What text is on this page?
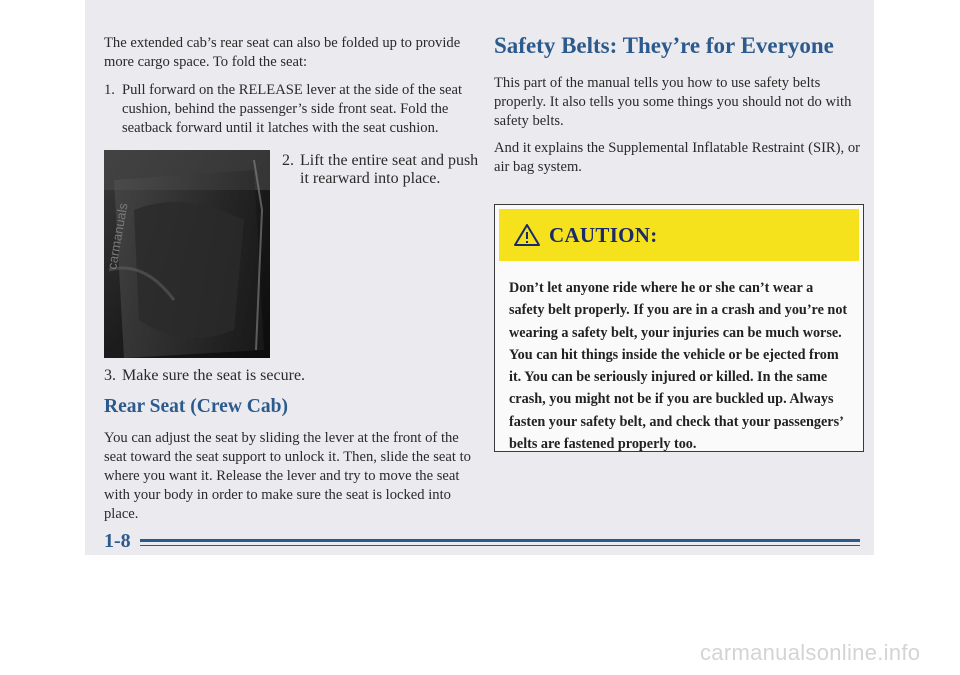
The extended cab’s rear seat can also be folded up to provide more cargo space. To fold the seat:

1. Pull forward on the RELEASE lever at the side of the seat cushion, behind the passenger’s side front seat. Fold the seatback forward until it latches with the seat cushion.
carmanuals
2. Lift the entire seat and push it rearward into place.
3. Make sure the seat is secure.
Rear Seat (Crew Cab)

You can adjust the seat by sliding the lever at the front of the seat toward the seat support to unlock it. Then, slide the seat to where you want it. Release the lever and try to move the seat with your body in order to make sure the seat is locked into place.

Safety Belts: They’re for Everyone

This part of the manual tells you how to use safety belts properly. It also tells you some things you should not do with safety belts.

And it explains the Supplemental Inflatable Restraint (SIR), or air bag system.

CAUTION:
Don’t let anyone ride where he or she can’t wear a safety belt properly. If you are in a crash and you’re not wearing a safety belt, your injuries can be much worse. You can hit things inside the vehicle or be ejected from it. You can be seriously injured or killed. In the same crash, you might not be if you are buckled up. Always fasten your safety belt, and check that your passengers’ belts are fastened properly too.
1-8
carmanualsonline.info
